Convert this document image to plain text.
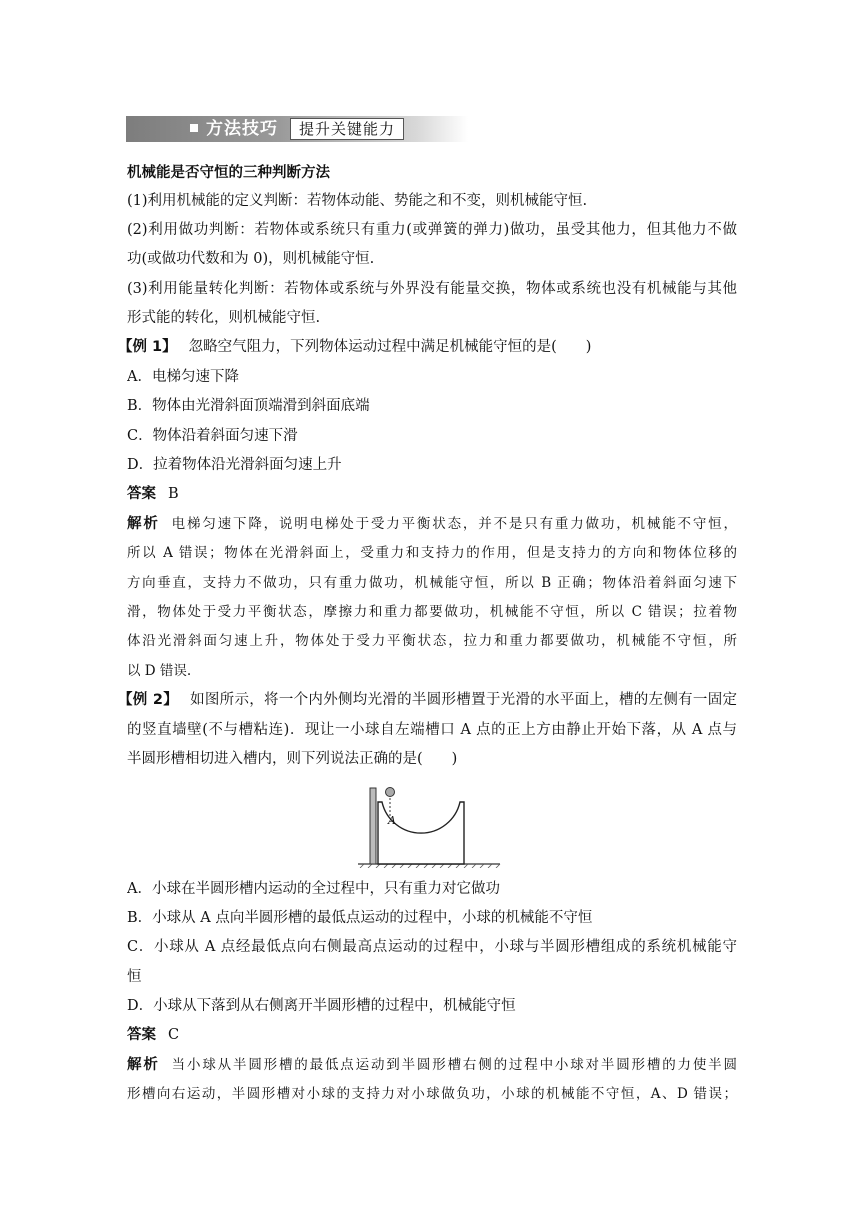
方法技巧	提升关键能力
机械能是否守恒的三种判断方法
(1)利用机械能的定义判断：若物体动能、势能之和不变，则机械能守恒.
(2)利用做功判断：若物体或系统只有重力(或弹簧的弹力)做功，虽受其他力，但其他力不做
功(或做功代数和为 0)，则机械能守恒.
(3)利用能量转化判断：若物体或系统与外界没有能量交换，物体或系统也没有机械能与其他
形式能的转化，则机械能守恒.
【例 1】 忽略空气阻力，下列物体运动过程中满足机械能守恒的是(　　)
A．电梯匀速下降
B．物体由光滑斜面顶端滑到斜面底端
C．物体沿着斜面匀速下滑
D．拉着物体沿光滑斜面匀速上升
答案 B
解析 电梯匀速下降，说明电梯处于受力平衡状态，并不是只有重力做功，机械能不守恒，
所以 A 错误；物体在光滑斜面上，受重力和支持力的作用，但是支持力的方向和物体位移的
方向垂直，支持力不做功，只有重力做功，机械能守恒，所以 B 正确；物体沿着斜面匀速下
滑，物体处于受力平衡状态，摩擦力和重力都要做功，机械能不守恒，所以 C 错误；拉着物
体沿光滑斜面匀速上升，物体处于受力平衡状态，拉力和重力都要做功，机械能不守恒，所
以 D 错误.
【例 2】 如图所示，将一个内外侧均光滑的半圆形槽置于光滑的水平面上，槽的左侧有一固定
的竖直墙壁(不与槽粘连)．现让一小球自左端槽口 A 点的正上方由静止开始下落，从 A 点与
半圆形槽相切进入槽内，则下列说法正确的是(　　)
A
A．小球在半圆形槽内运动的全过程中，只有重力对它做功
B．小球从 A 点向半圆形槽的最低点运动的过程中，小球的机械能不守恒
C．小球从 A 点经最低点向右侧最高点运动的过程中，小球与半圆形槽组成的系统机械能守
恒
D．小球从下落到从右侧离开半圆形槽的过程中，机械能守恒
答案 C
解析 当小球从半圆形槽的最低点运动到半圆形槽右侧的过程中小球对半圆形槽的力使半圆
形槽向右运动，半圆形槽对小球的支持力对小球做负功，小球的机械能不守恒，A、D 错误；
